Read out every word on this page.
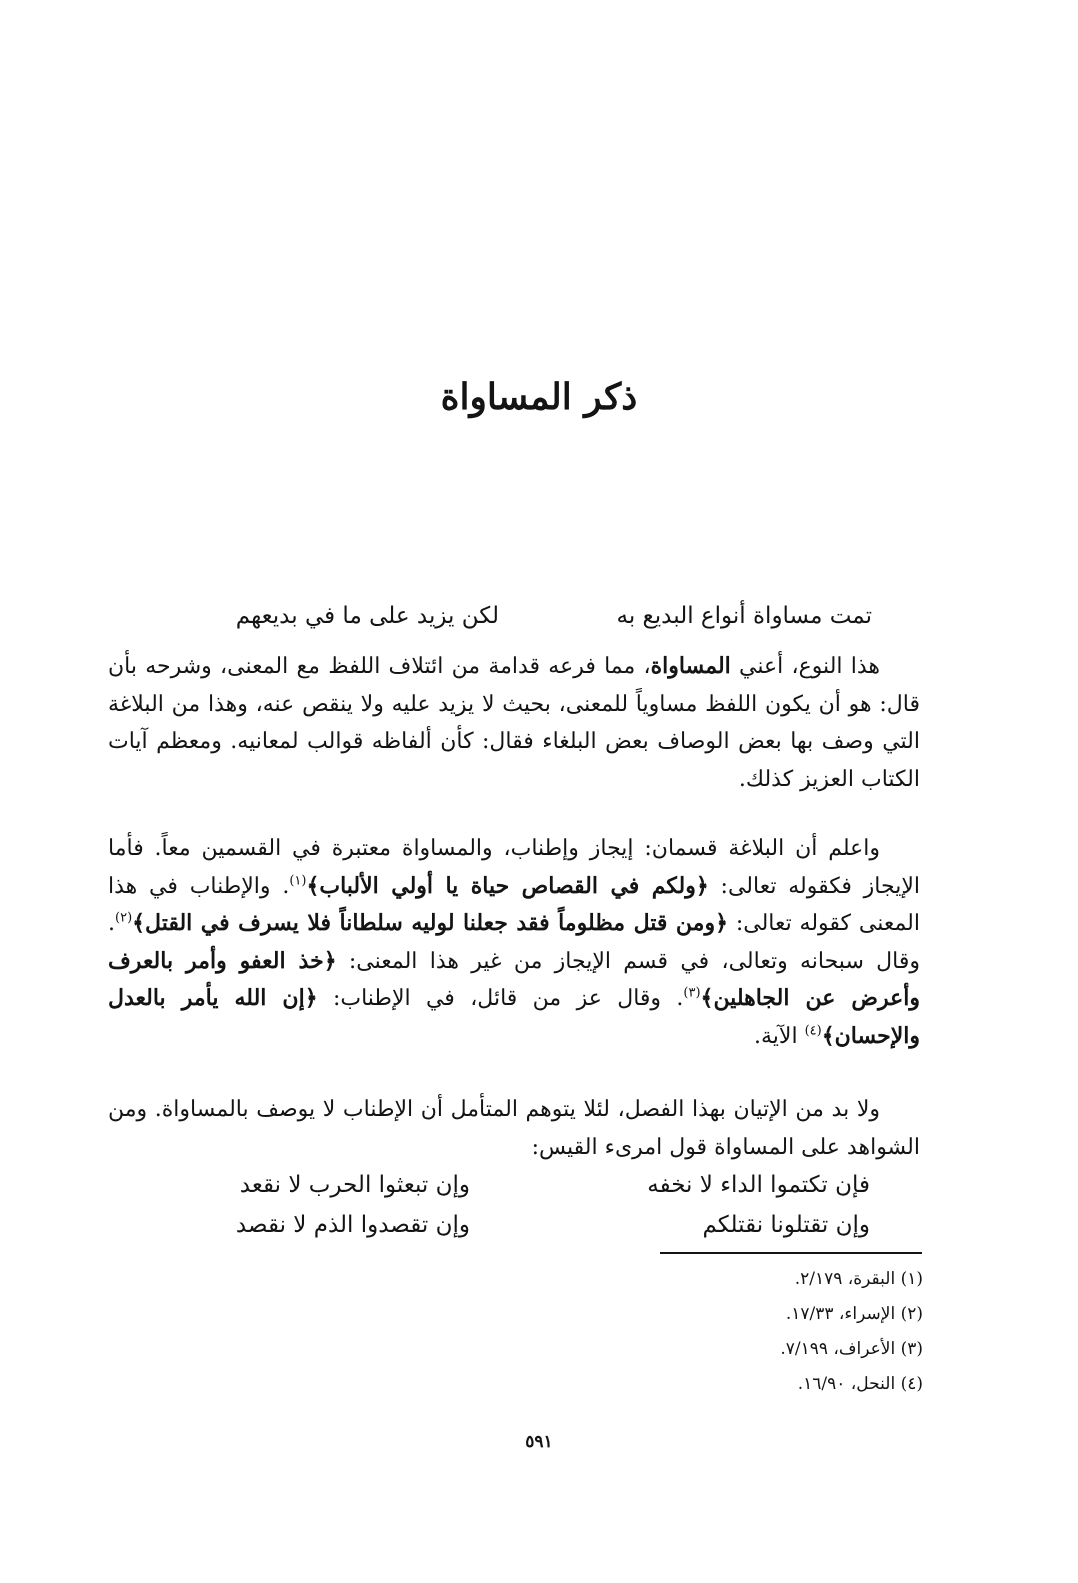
ذكر المساواة
تمت مساواة أنواع البديع به
لكن يزيد على ما في بديعهم

هذا النوع، أعني المساواة، مما فرعه قدامة من ائتلاف اللفظ مع المعنى، وشرحه بأن قال: هو أن يكون اللفظ مساوياً للمعنى، بحيث لا يزيد عليه ولا ينقص عنه، وهذا من البلاغة التي وصف بها بعض الوصاف بعض البلغاء فقال: كأن ألفاظه قوالب لمعانيه. ومعظم آيات الكتاب العزيز كذلك.

واعلم أن البلاغة قسمان: إيجاز وإطناب، والمساواة معتبرة في القسمين معاً. فأما الإيجاز فكقوله تعالى: ﴿ولكم في القصاص حياة يا أولي الألباب﴾$^{(١)}$. والإطناب في هذا المعنى كقوله تعالى: ﴿ومن قتل مظلوماً فقد جعلنا لوليه سلطاناً فلا يسرف في القتل﴾$^{(٢)}$. وقال سبحانه وتعالى، في قسم الإيجاز من غير هذا المعنى: ﴿خذ العفو وأمر بالعرف وأعرض عن الجاهلين﴾$^{(٣)}$. وقال عز من قائل، في الإطناب: ﴿إن الله يأمر بالعدل والإحسان﴾$^{(٤)}$ الآية.

ولا بد من الإتيان بهذا الفصل، لئلا يتوهم المتأمل أن الإطناب لا يوصف بالمساواة. ومن الشواهد على المساواة قول امرىء القيس:

فإن تكتموا الداء لا نخفه
وإن تبعثوا الحرب لا نقعد
وإن تقتلونا نقتلكم
وإن تقصدوا الذم لا نقصد
(١) البقرة، ٢/١٧٩.
(٢) الإسراء، ١٧/٣٣.
(٣) الأعراف، ٧/١٩٩.
(٤) النحل، ١٦/٩٠.
٥٩١
